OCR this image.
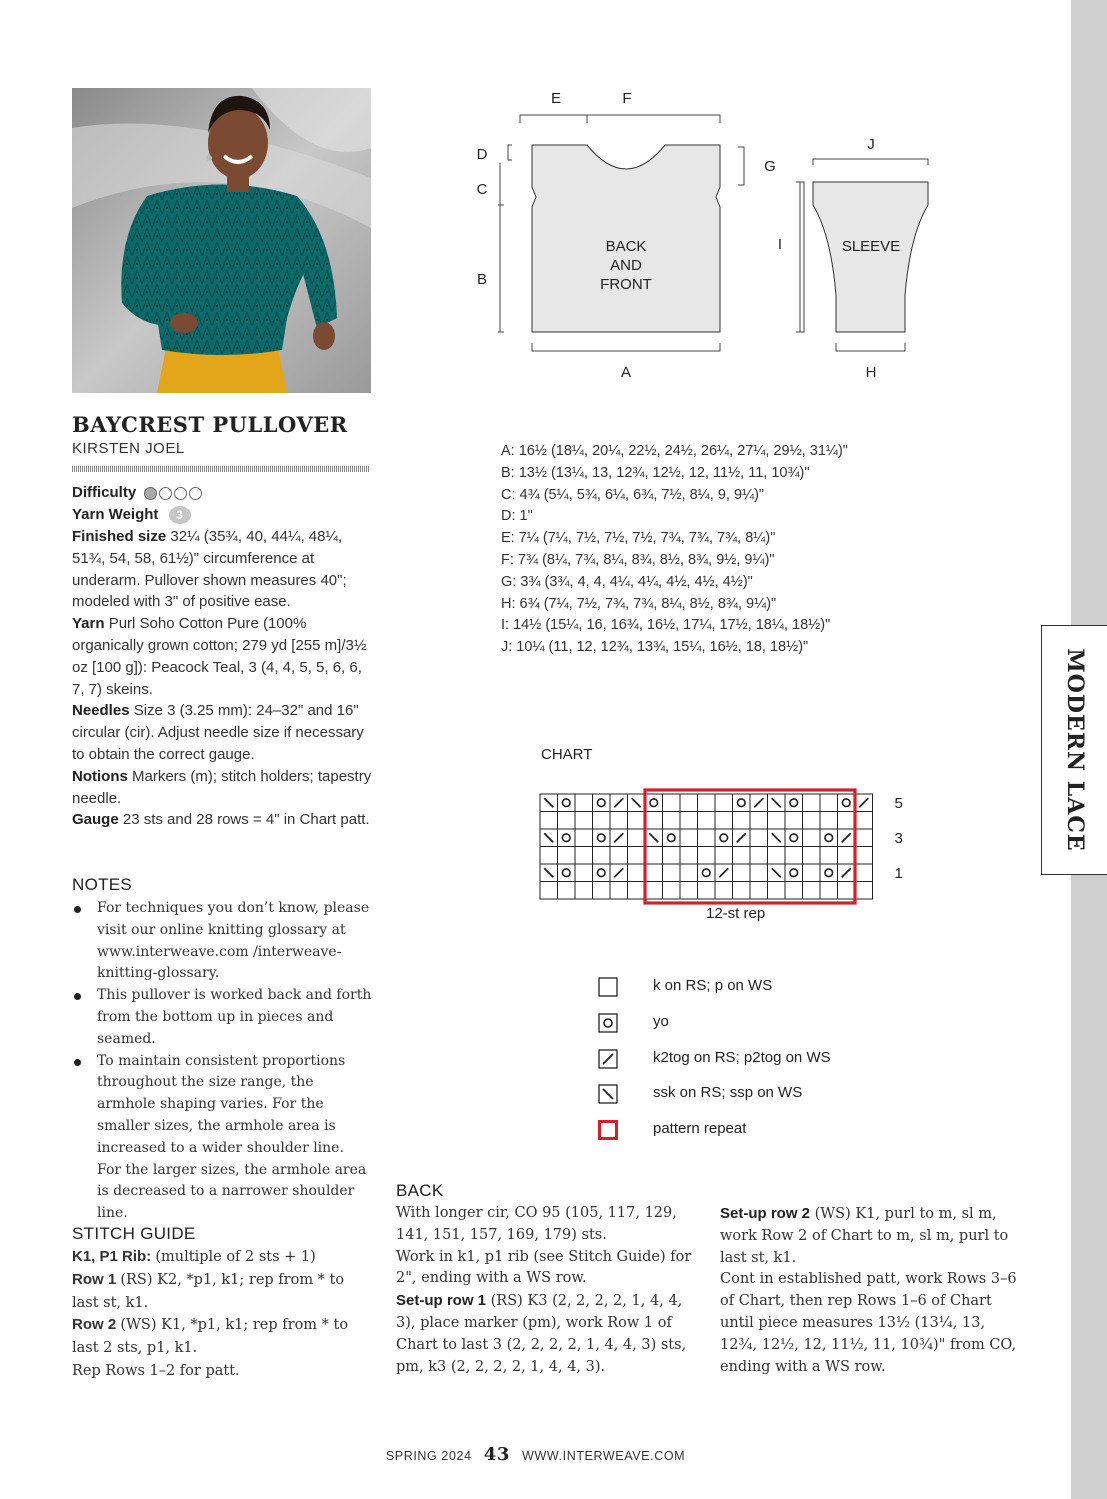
MODERN LACE
BAYCREST PULLOVER
KIRSTEN JOEL
Difficulty
Yarn Weight 3
Finished size 32¼ (35¾, 40, 44¼, 48¼, 51¾, 54, 58, 61½)" circumference at underarm. Pullover shown measures 40"; modeled with 3" of positive ease.
Yarn Purl Soho Cotton Pure (100% organically grown cotton; 279 yd [255 m]/3½ oz [100 g]): Peacock Teal, 3 (4, 4, 5, 5, 6, 6, 7, 7) skeins.
Needles Size 3 (3.25 mm): 24–32" and 16" circular (cir). Adjust needle size if necessary to obtain the correct gauge.
Notions Markers (m); stitch holders; tapestry needle.
Gauge 23 sts and 28 rows = 4" in Chart patt.
NOTES
For techniques you don’t know, please visit our online knitting glossary at www.interweave.com /interweave-knitting-glossary.
This pullover is worked back and forth from the bottom up in pieces and seamed.
To maintain consistent proportions throughout the size range, the armhole shaping varies. For the smaller sizes, the armhole area is increased to a wider shoulder line. For the larger sizes, the armhole area is decreased to a narrower shoulder line.
STITCH GUIDE
K1, P1 Rib: (multiple of 2 sts + 1)
Row 1 (RS) K2, *p1, k1; rep from * to last st, k1.
Row 2 (WS) K1, *p1, k1; rep from * to last 2 sts, p1, k1.
Rep Rows 1–2 for patt.
E	F
D
C
B
G
I
J
A	H
BACK
AND
FRONT
SLEEVE
A: 16½ (18¼, 20¼, 22½, 24½, 26¼, 27¼, 29½, 31¼)"
B: 13½ (13¼, 13, 12¾, 12½, 12, 11½, 11, 10¾)"
C: 4¾ (5¼, 5¾, 6¼, 6¾, 7½, 8¼, 9, 9¼)"
D: 1"
E: 7¼ (7¼, 7½, 7½, 7½, 7¾, 7¾, 7¾, 8¼)"
F: 7¾ (8¼, 7¾, 8¼, 8¾, 8½, 8¾, 9½, 9¼)"
G: 3¾ (3¾, 4, 4, 4¼, 4¼, 4½, 4½, 4½)"
H: 6¾ (7¼, 7½, 7¾, 7¾, 8¼, 8½, 8¾, 9¼)"
I: 14½ (15¼, 16, 16¾, 16½, 17¼, 17½, 18¼, 18½)"
J: 10¼ (11, 12, 12¾, 13¾, 15¼, 16½, 18, 18½)"
CHART
5
3
1
12-st rep
k on RS; p on WS
yo
k2tog on RS; p2tog on WS
ssk on RS; ssp on WS
pattern repeat
BACK
With longer cir, CO 95 (105, 117, 129, 141, 151, 157, 169, 179) sts.
Work in k1, p1 rib (see Stitch Guide) for 2", ending with a WS row.
Set-up row 1 (RS) K3 (2, 2, 2, 2, 1, 4, 4, 3), place marker (pm), work Row 1 of Chart to last 3 (2, 2, 2, 2, 1, 4, 4, 3) sts, pm, k3 (2, 2, 2, 2, 1, 4, 4, 3).
Set-up row 2 (WS) K1, purl to m, sl m, work Row 2 of Chart to m, sl m, purl to last st, k1.
Cont in established patt, work Rows 3–6 of Chart, then rep Rows 1–6 of Chart until piece measures 13½ (13¼, 13, 12¾, 12½, 12, 11½, 11, 10¾)" from CO, ending with a WS row.
SPRING 2024 43 WWW.INTERWEAVE.COM
